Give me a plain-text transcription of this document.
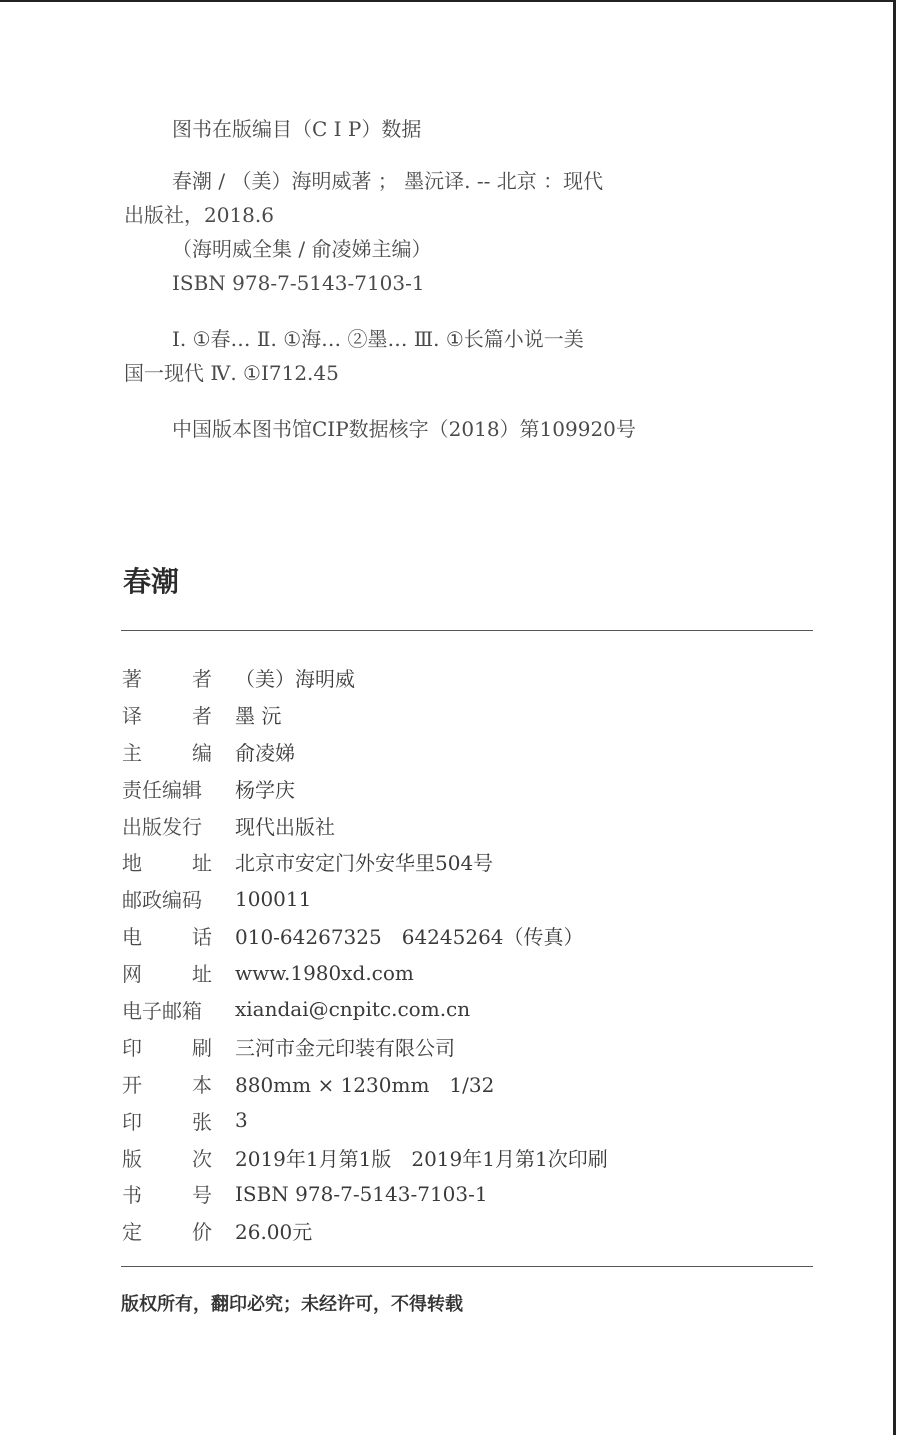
图书在版编目（C I P）数据
春潮 / （美）海明威著 ； 墨沅译. -- 北京 ：现代
出版社，2018.6
（海明威全集 / 俞凌娣主编）
ISBN 978-7-5143-7103-1
Ⅰ. ①春… Ⅱ. ①海… ②墨… Ⅲ. ①长篇小说一美
国一现代 Ⅳ. ①I712.45
中国版本图书馆CIP数据核字（2018）第109920号
春潮
著	者	（美）海明威
译	者	墨 沅
主	编	俞凌娣
责任编辑	杨学庆
出版发行	现代出版社
地	址	北京市安定门外安华里504号
邮政编码	100011
电	话	010-64267325　64245264（传真）
网	址	www.1980xd.com
电子邮箱	xiandai@cnpitc.com.cn
印	刷	三河市金元印装有限公司
开	本	880mm × 1230mm　1/32
印	张	3
版	次	2019年1月第1版　2019年1月第1次印刷
书	号	ISBN 978-7-5143-7103-1
定	价	26.00元
版权所有，翻印必究；未经许可，不得转载
